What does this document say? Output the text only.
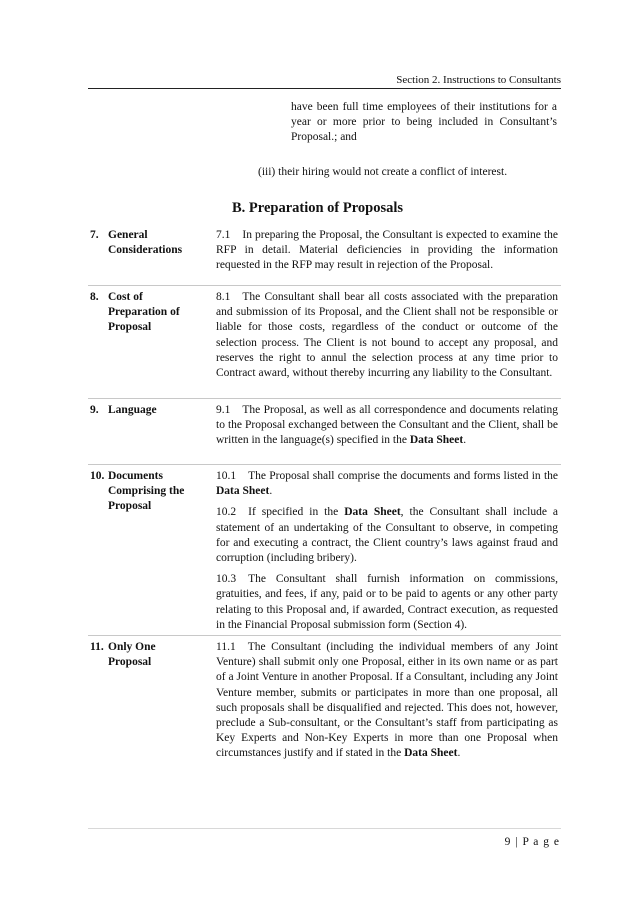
Section 2. Instructions to Consultants
have been full time employees of their institutions for a year or more prior to being included in Consultant’s Proposal.; and
(iii) their hiring would not create a conflict of interest.
B. Preparation of Proposals
7. General
Considerations

7.1 In preparing the Proposal, the Consultant is expected to examine the RFP in detail. Material deficiencies in providing the information requested in the RFP may result in rejection of the Proposal.

8. Cost of
Preparation of
Proposal

8.1 The Consultant shall bear all costs associated with the preparation and submission of its Proposal, and the Client shall not be responsible or liable for those costs, regardless of the conduct or outcome of the selection process. The Client is not bound to accept any proposal, and reserves the right to annul the selection process at any time prior to Contract award, without thereby incurring any liability to the Consultant.

9. Language	9.1 The Proposal, as well as all correspondence and documents relating to the Proposal exchanged between the Consultant and the Client, shall be written in the language(s) specified in the Data Sheet.

10. Documents
Comprising the
Proposal

10.1 The Proposal shall comprise the documents and forms listed in the Data Sheet.

10.2 If specified in the Data Sheet, the Consultant shall include a statement of an undertaking of the Consultant to observe, in competing for and executing a contract, the Client country’s laws against fraud and corruption (including bribery).

10.3 The Consultant shall furnish information on commissions, gratuities, and fees, if any, paid or to be paid to agents or any other party relating to this Proposal and, if awarded, Contract execution, as requested in the Financial Proposal submission form (Section 4).

11. Only One
Proposal

11.1 The Consultant (including the individual members of any Joint Venture) shall submit only one Proposal, either in its own name or as part of a Joint Venture in another Proposal. If a Consultant, including any Joint Venture member, submits or participates in more than one proposal, all such proposals shall be disqualified and rejected. This does not, however, preclude a Sub-consultant, or the Consultant’s staff from participating as Key Experts and Non-Key Experts in more than one Proposal when circumstances justify and if stated in the Data Sheet.

9 | P a g e
